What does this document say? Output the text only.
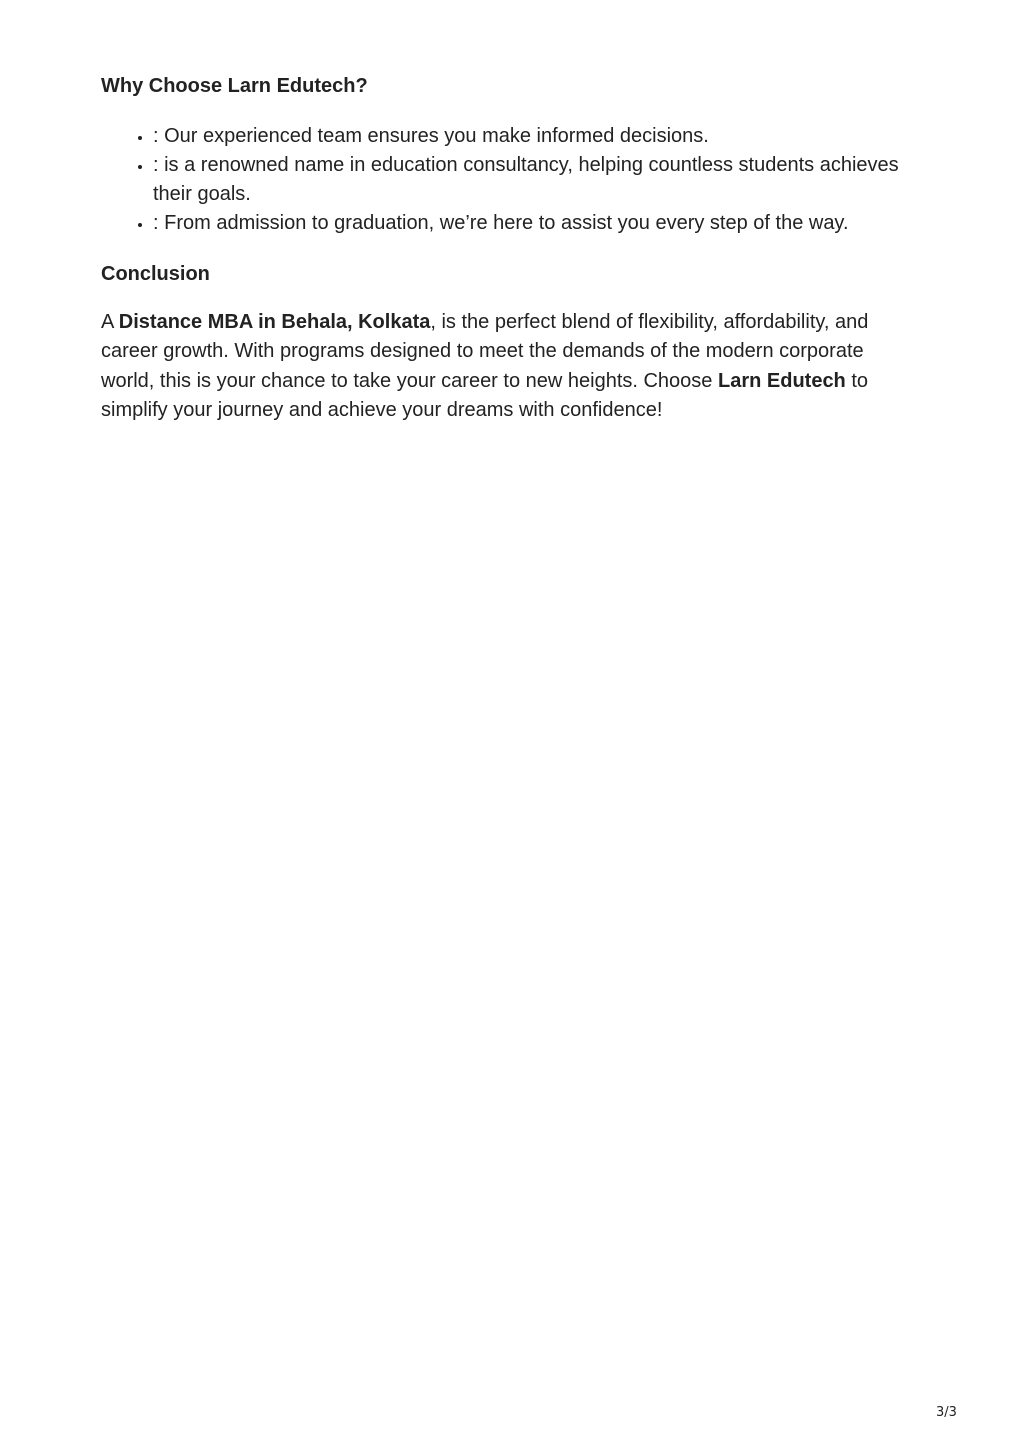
Why Choose Larn Edutech?
• : Our experienced team ensures you make informed decisions.
• : is a renowned name in education consultancy, helping countless students achieves their goals.
• : From admission to graduation, we’re here to assist you every step of the way.
Conclusion

A Distance MBA in Behala, Kolkata, is the perfect blend of flexibility, affordability, and career growth. With programs designed to meet the demands of the modern corporate world, this is your chance to take your career to new heights. Choose Larn Edutech to simplify your journey and achieve your dreams with confidence!

3/3
